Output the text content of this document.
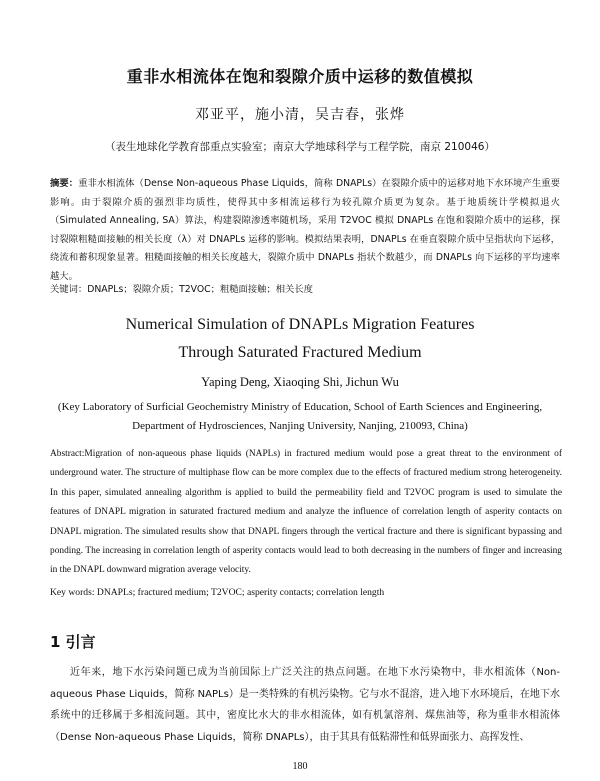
重非水相流体在饱和裂隙介质中运移的数值模拟
邓亚平，施小清，吴吉春，张烨
（表生地球化学教育部重点实验室；南京大学地球科学与工程学院，南京 210046）
摘要：重非水相流体（Dense Non-aqueous Phase Liquids，简称 DNAPLs）在裂隙介质中的运移对地下水环境产生重要影响。由于裂隙介质的强烈非均质性，使得其中多相流运移行为较孔隙介质更为复杂。基于地质统计学模拟退火（Simulated Annealing, SA）算法，构建裂隙渗透率随机场，采用 T2VOC 模拟 DNAPLs 在饱和裂隙介质中的运移，探讨裂隙粗糙面接触的相关长度（λ）对 DNAPLs 运移的影响。模拟结果表明，DNAPLs 在垂直裂隙介质中呈指状向下运移，绕流和蓄积现象显著。粗糙面接触的相关长度越大，裂隙介质中 DNAPLs 指状个数越少，而 DNAPLs 向下运移的平均速率越大。
关键词：DNAPLs；裂隙介质；T2VOC；粗糙面接触；相关长度
Numerical Simulation of DNAPLs Migration Features
Through Saturated Fractured Medium
Yaping Deng, Xiaoqing Shi, Jichun Wu
(Key Laboratory of Surficial Geochemistry Ministry of Education, School of Earth Sciences and Engineering,
Department of Hydrosciences, Nanjing University, Nanjing, 210093, China)
Abstract:Migration of non-aqueous phase liquids (NAPLs) in fractured medium would pose a great threat to the environment of underground water. The structure of multiphase flow can be more complex due to the effects of fractured medium strong heterogeneity. In this paper, simulated annealing algorithm is applied to build the permeability field and T2VOC program is used to simulate the features of DNAPL migration in saturated fractured medium and analyze the influence of correlation length of asperity contacts on DNAPL migration. The simulated results show that DNAPL fingers through the vertical fracture and there is significant bypassing and ponding. The increasing in correlation length of asperity contacts would lead to both decreasing in the numbers of finger and increasing in the DNAPL downward migration average velocity.
Key words: DNAPLs; fractured medium; T2VOC; asperity contacts; correlation length
1 引言
近年来，地下水污染问题已成为当前国际上广泛关注的热点问题。在地下水污染物中，非水相流体（Non-aqueous Phase Liquids，简称 NAPLs）是一类特殊的有机污染物。它与水不混溶，进入地下水环境后，在地下水系统中的迁移属于多相流问题。其中，密度比水大的非水相流体，如有机氯溶剂、煤焦油等，称为重非水相流体（Dense Non-aqueous Phase Liquids，简称 DNAPLs），由于其具有低粘滞性和低界面张力、高挥发性、
180
